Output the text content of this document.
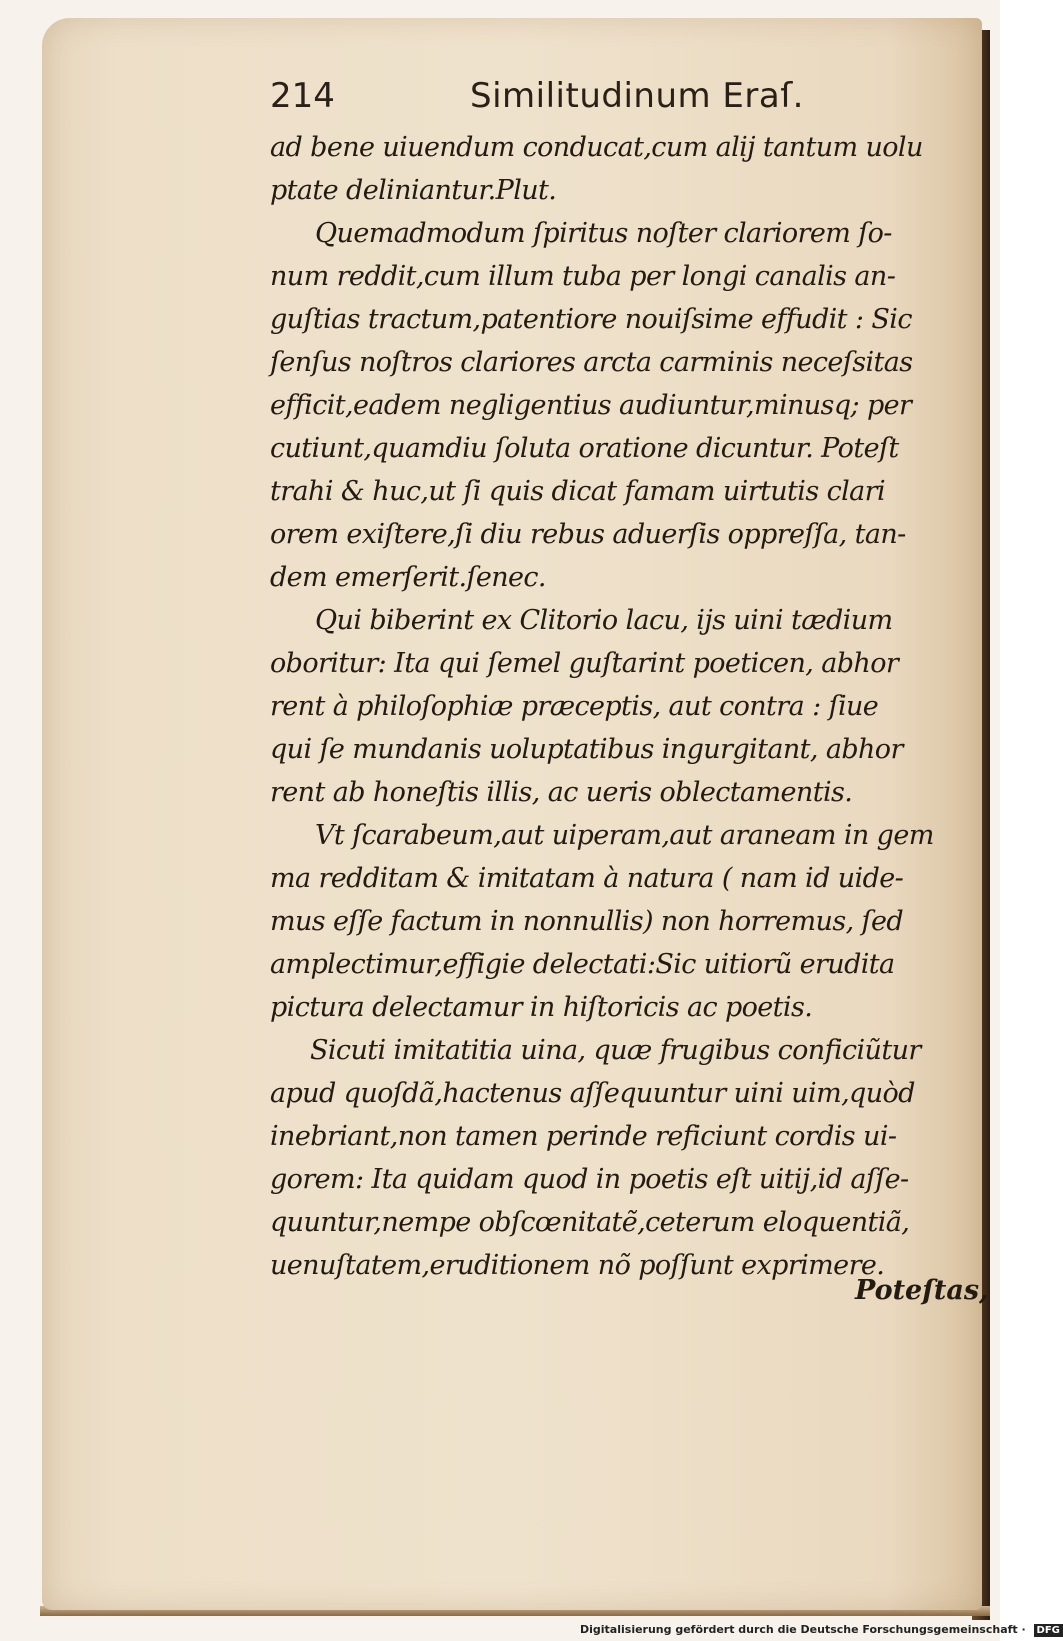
214	Similitudinum Eraſ.
ad bene uiuendum conducat,cum alij tantum uolu
ptate deliniantur.Plut.
Quemadmodum ſpiritus noſter clariorem ſo-
num reddit,cum illum tuba per longi canalis an-
guſtias tractum,patentiore nouiſsime effudit : Sic
ſenſus noſtros clariores arcta carminis neceſsitas
efficit,eadem negligentius audiuntur,minusq; per
cutiunt,quamdiu ſoluta oratione dicuntur. Poteſt
trahi & huc,ut ſi quis dicat famam uirtutis clari
orem exiſtere,ſi diu rebus aduerſis oppreſſa, tan-
dem emerſerit.ſenec.
Qui biberint ex Clitorio lacu, ijs uini tædium
oboritur: Ita qui ſemel guſtarint poeticen, abhor
rent à philoſophiæ præceptis, aut contra : ſiue
qui ſe mundanis uoluptatibus ingurgitant, abhor
rent ab honeſtis illis, ac ueris oblectamentis.
Vt ſcarabeum,aut uiperam,aut araneam in gem
ma redditam & imitatam à natura ( nam id uide-
mus eſſe factum in nonnullis) non horremus, ſed
amplectimur,effigie delectati:Sic uitiorũ erudita
pictura delectamur in hiſtoricis ac poetis.
Sicuti imitatitia uina, quæ frugibus conficiũtur
apud quoſdã,hactenus aſſequuntur uini uim,quòd
inebriant,non tamen perinde reficiunt cordis ui-
gorem: Ita quidam quod in poetis eſt uitij,id aſſe-
quuntur,nempe obſcœnitatẽ,ceterum eloquentiã,
uenuſtatem,eruditionem nõ poſſunt exprimere.
Poteſtas,
Digitalisierung gefördert durch die Deutsche Forschungsgemeinschaft · DFG
